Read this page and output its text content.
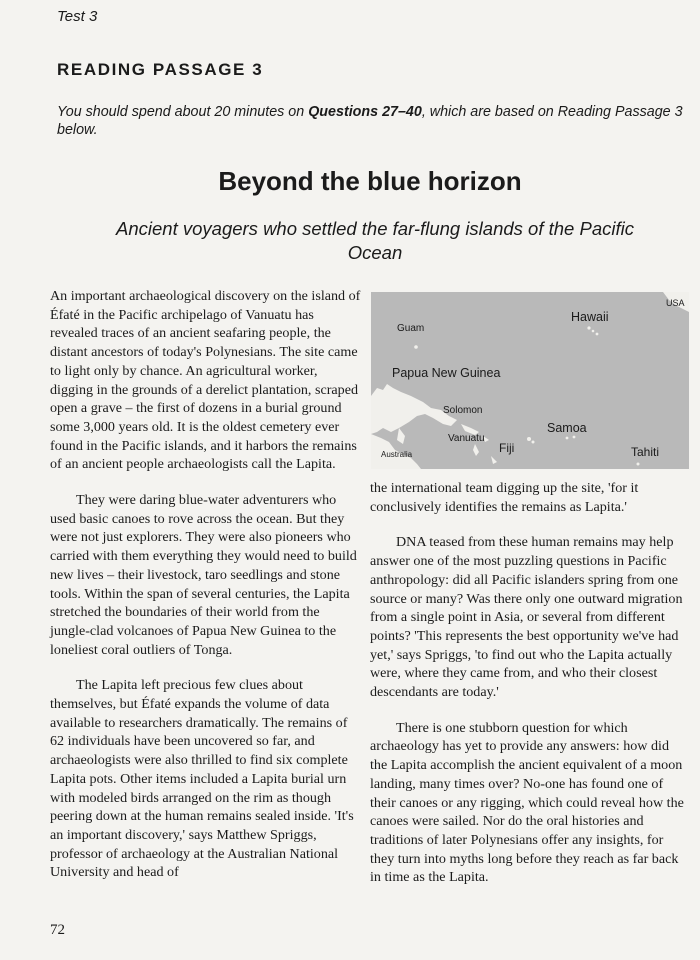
Test 3
READING PASSAGE 3
You should spend about 20 minutes on Questions 27–40, which are based on Reading Passage 3 below.
Beyond the blue horizon
Ancient voyagers who settled the far-flung islands of the Pacific Ocean

An important archaeological discovery on the island of Éfaté in the Pacific archipelago of Vanuatu has revealed traces of an ancient seafaring people, the distant ancestors of today's Polynesians. The site came to light only by chance. An agricultural worker, digging in the grounds of a derelict plantation, scraped open a grave – the first of dozens in a burial ground some 3,000 years old. It is the oldest cemetery ever found in the Pacific islands, and it harbors the remains of an ancient people archaeologists call the Lapita.

They were daring blue-water adventurers who used basic canoes to rove across the ocean. But they were not just explorers. They were also pioneers who carried with them everything they would need to build new lives – their livestock, taro seedlings and stone tools. Within the span of several centuries, the Lapita stretched the boundaries of their world from the jungle-clad volcanoes of Papua New Guinea to the loneliest coral outliers of Tonga.

The Lapita left precious few clues about themselves, but Éfaté expands the volume of data available to researchers dramatically. The remains of 62 individuals have been uncovered so far, and archaeologists were also thrilled to find six complete Lapita pots. Other items included a Lapita burial urn with modeled birds arranged on the rim as though peering down at the human remains sealed inside. 'It's an important discovery,' says Matthew Spriggs, professor of archaeology at the Australian National University and head of

USA
Hawaii
Guam
Papua New Guinea
Solomon
Samoa
Vanuatu
Fiji
Australia	Tahiti

the international team digging up the site, 'for it conclusively identifies the remains as Lapita.'

DNA teased from these human remains may help answer one of the most puzzling questions in Pacific anthropology: did all Pacific islanders spring from one source or many? Was there only one outward migration from a single point in Asia, or several from different points? 'This represents the best opportunity we've had yet,' says Spriggs, 'to find out who the Lapita actually were, where they came from, and who their closest descendants are today.'

There is one stubborn question for which archaeology has yet to provide any answers: how did the Lapita accomplish the ancient equivalent of a moon landing, many times over? No-one has found one of their canoes or any rigging, which could reveal how the canoes were sailed. Nor do the oral histories and traditions of later Polynesians offer any insights, for they turn into myths long before they reach as far back in time as the Lapita.

72
